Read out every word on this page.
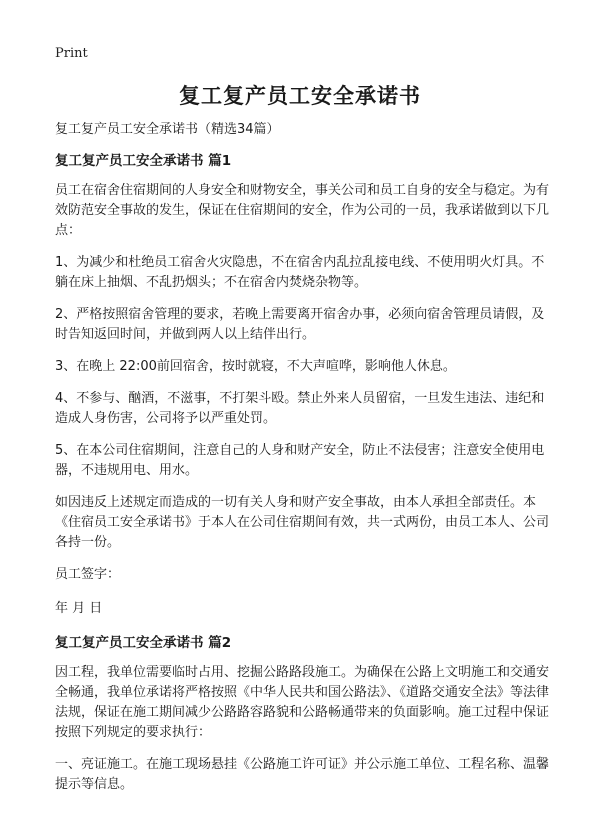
Print
复工复产员工安全承诺书

复工复产员工安全承诺书（精选34篇）

复工复产员工安全承诺书 篇1

员工在宿舍住宿期间的人身安全和财物安全，事关公司和员工自身的安全与稳定。为有效防范安全事故的发生，保证在住宿期间的安全，作为公司的一员，我承诺做到以下几点：

1、为减少和杜绝员工宿舍火灾隐患，不在宿舍内乱拉乱接电线、不使用明火灯具。不躺在床上抽烟、不乱扔烟头；不在宿舍内焚烧杂物等。

2、严格按照宿舍管理的要求，若晚上需要离开宿舍办事，必须向宿舍管理员请假，及时告知返回时间，并做到两人以上结伴出行。

3、在晚上 22:00前回宿舍，按时就寝，不大声喧哗，影响他人休息。

4、不参与、酗酒，不滋事，不打架斗殴。禁止外来人员留宿，一旦发生违法、违纪和造成人身伤害，公司将予以严重处罚。

5、在本公司住宿期间，注意自己的人身和财产安全，防止不法侵害；注意安全使用电器，不违规用电、用水。

如因违反上述规定而造成的一切有关人身和财产安全事故，由本人承担全部责任。本《住宿员工安全承诺书》于本人在公司住宿期间有效，共一式两份，由员工本人、公司各持一份。

员工签字：

年 月 日

复工复产员工安全承诺书 篇2

因工程，我单位需要临时占用、挖掘公路路段施工。为确保在公路上文明施工和交通安全畅通，我单位承诺将严格按照《中华人民共和国公路法》、《道路交通安全法》等法律法规，保证在施工期间减少公路路容路貌和公路畅通带来的负面影响。施工过程中保证按照下列规定的要求执行：

一、亮证施工。在施工现场悬挂《公路施工许可证》并公示施工单位、工程名称、温馨提示等信息。
